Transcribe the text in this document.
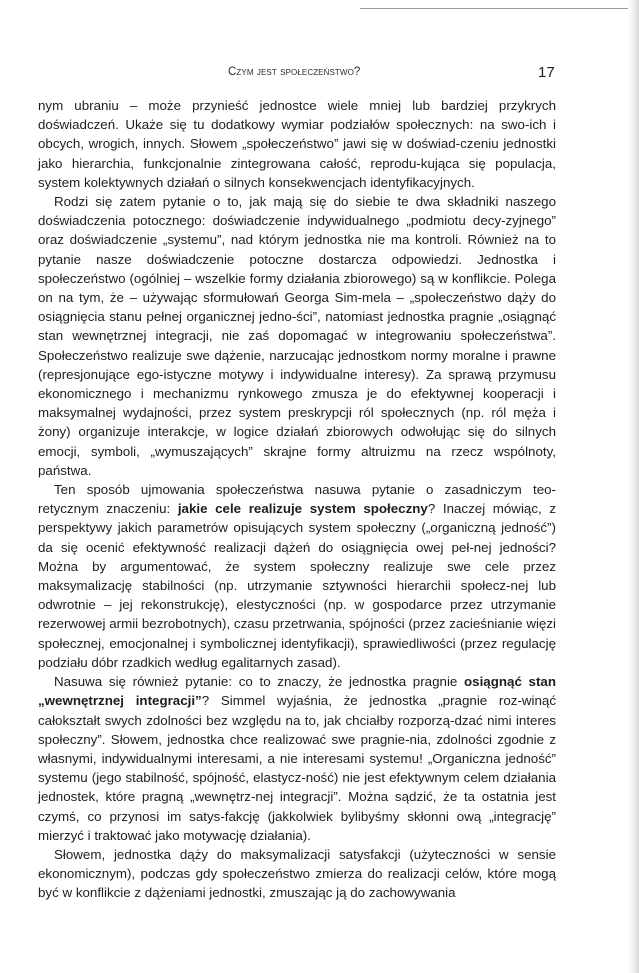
Czym jest społeczeństwo?	17

nym ubraniu – może przynieść jednostce wiele mniej lub bardziej przykrych doświadczeń. Ukaże się tu dodatkowy wymiar podziałów społecznych: na swo-ich i obcych, wrogich, innych. Słowem „społeczeństwo” jawi się w doświad-czeniu jednostki jako hierarchia, funkcjonalnie zintegrowana całość, reprodu-kująca się populacja, system kolektywnych działań o silnych konsekwencjach identyfikacyjnych.

Rodzi się zatem pytanie o to, jak mają się do siebie te dwa składniki naszego doświadczenia potocznego: doświadczenie indywidualnego „podmiotu decy-zyjnego” oraz doświadczenie „systemu”, nad którym jednostka nie ma kontroli. Również na to pytanie nasze doświadczenie potoczne dostarcza odpowiedzi. Jednostka i społeczeństwo (ogólniej – wszelkie formy działania zbiorowego) są w konflikcie. Polega on na tym, że – używając sformułowań Georga Sim-mela – „społeczeństwo dąży do osiągnięcia stanu pełnej organicznej jedno-ści”, natomiast jednostka pragnie „osiągnąć stan wewnętrznej integracji, nie zaś dopomagać w integrowaniu społeczeństwa”. Społeczeństwo realizuje swe dążenie, narzucając jednostkom normy moralne i prawne (represjonujące ego-istyczne motywy i indywidualne interesy). Za sprawą przymusu ekonomicznego i mechanizmu rynkowego zmusza je do efektywnej kooperacji i maksymalnej wydajności, przez system preskrypcji ról społecznych (np. ról męża i żony) organizuje interakcje, w logice działań zbiorowych odwołując się do silnych emocji, symboli, „wymuszających” skrajne formy altruizmu na rzecz wspólnoty, państwa.

Ten sposób ujmowania społeczeństwa nasuwa pytanie o zasadniczym teo-retycznym znaczeniu: jakie cele realizuje system społeczny? Inaczej mówiąc, z perspektywy jakich parametrów opisujących system społeczny („organiczną jedność”) da się ocenić efektywność realizacji dążeń do osiągnięcia owej peł-nej jedności? Można by argumentować, że system społeczny realizuje swe cele przez maksymalizację stabilności (np. utrzymanie sztywności hierarchii społecz-nej lub odwrotnie – jej rekonstrukcję), elestyczności (np. w gospodarce przez utrzymanie rezerwowej armii bezrobotnych), czasu przetrwania, spójności (przez zacieśnianie więzi społecznej, emocjonalnej i symbolicznej identyfikacji), sprawiedliwości (przez regulację podziału dóbr rzadkich według egalitarnych zasad).

Nasuwa się również pytanie: co to znaczy, że jednostka pragnie osiągnąć stan „wewnętrznej integracji”? Simmel wyjaśnia, że jednostka „pragnie roz-winąć całokształt swych zdolności bez względu na to, jak chciałby rozporzą-dzać nimi interes społeczny”. Słowem, jednostka chce realizować swe pragnie-nia, zdolności zgodnie z własnymi, indywidualnymi interesami, a nie interesami systemu! „Organiczna jedność” systemu (jego stabilność, spójność, elastycz-ność) nie jest efektywnym celem działania jednostek, które pragną „wewnętrz-nej integracji”. Można sądzić, że ta ostatnia jest czymś, co przynosi im satys-fakcję (jakkolwiek bylibyśmy skłonni ową „integrację” mierzyć i traktować jako motywację działania).

Słowem, jednostka dąży do maksymalizacji satysfakcji (użyteczności w sensie ekonomicznym), podczas gdy społeczeństwo zmierza do realizacji celów, które mogą być w konflikcie z dążeniami jednostki, zmuszając ją do zachowywania
